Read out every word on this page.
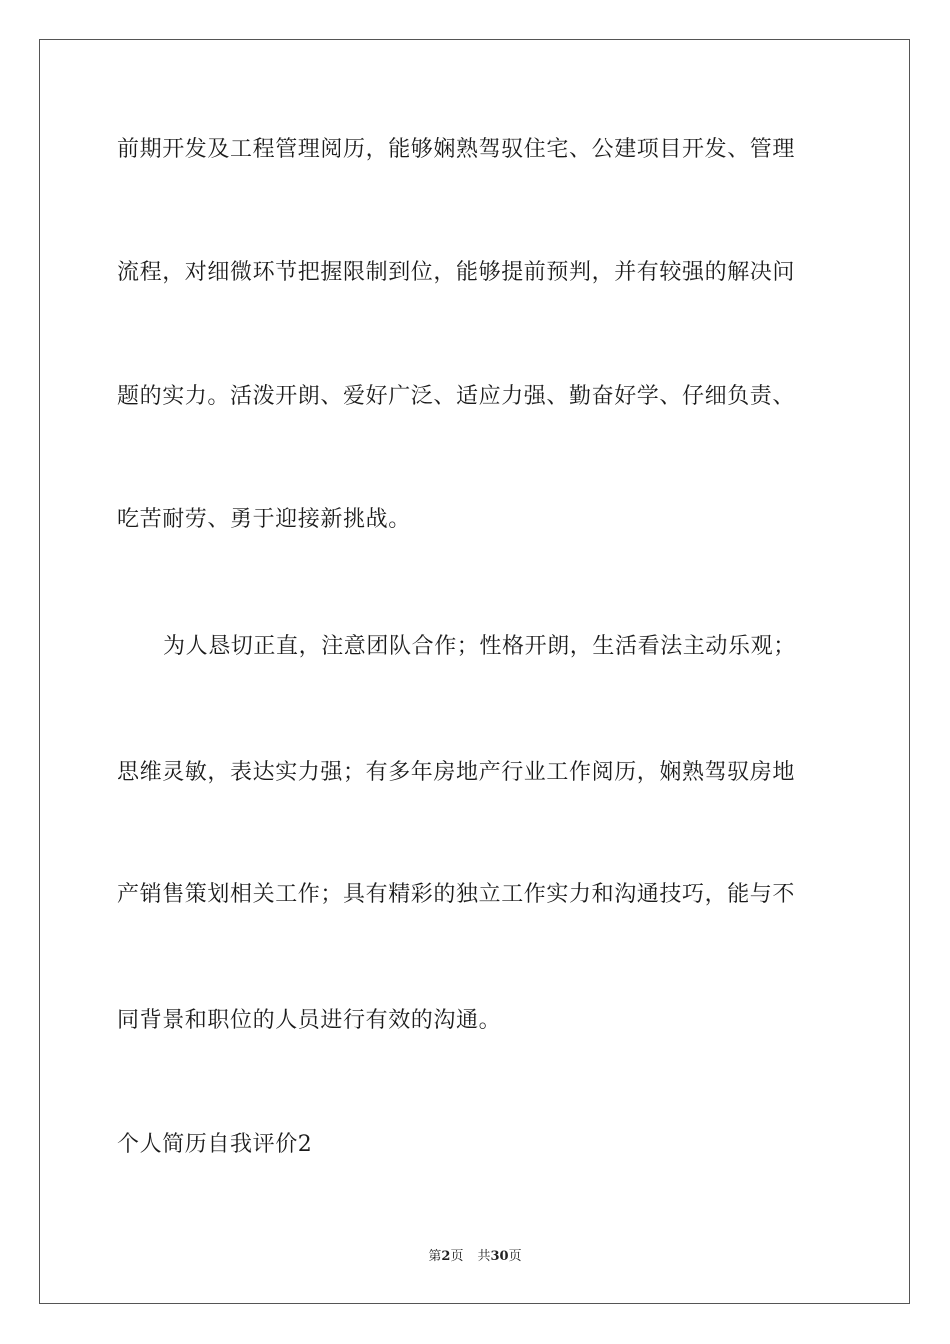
前期开发及工程管理阅历，能够娴熟驾驭住宅、公建项目开发、管理
流程，对细微环节把握限制到位，能够提前预判，并有较强的解决问
题的实力。活泼开朗、爱好广泛、适应力强、勤奋好学、仔细负责、
吃苦耐劳、勇于迎接新挑战。
为人恳切正直，注意团队合作；性格开朗，生活看法主动乐观；
思维灵敏，表达实力强；有多年房地产行业工作阅历，娴熟驾驭房地
产销售策划相关工作；具有精彩的独立工作实力和沟通技巧，能与不
同背景和职位的人员进行有效的沟通。
个人简历自我评价2
第2页 共30页
